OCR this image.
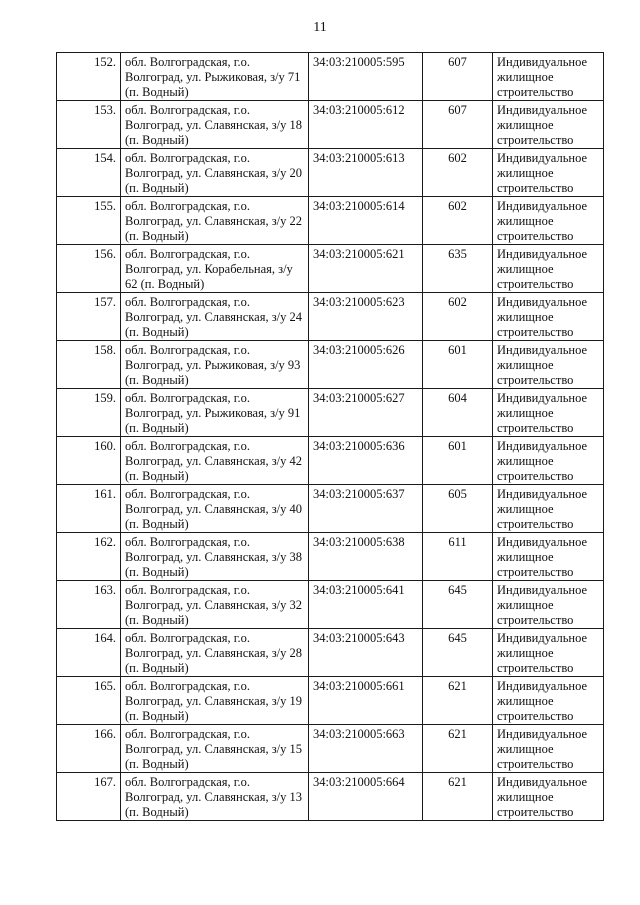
11
152.	обл. Волгоградская, г.о. Волгоград, ул. Рыжиковая, з/у 71 (п. Водный)	34:03:210005:595	607	Индивидуальное жилищное строительство
153.	обл. Волгоградская, г.о. Волгоград, ул. Славянская, з/у 18 (п. Водный)	34:03:210005:612	607	Индивидуальное жилищное строительство
154.	обл. Волгоградская, г.о. Волгоград, ул. Славянская, з/у 20 (п. Водный)	34:03:210005:613	602	Индивидуальное жилищное строительство
155.	обл. Волгоградская, г.о. Волгоград, ул. Славянская, з/у 22 (п. Водный)	34:03:210005:614	602	Индивидуальное жилищное строительство
156.	обл. Волгоградская, г.о. Волгоград, ул. Корабельная, з/у 62 (п. Водный)	34:03:210005:621	635	Индивидуальное жилищное строительство
157.	обл. Волгоградская, г.о. Волгоград, ул. Славянская, з/у 24 (п. Водный)	34:03:210005:623	602	Индивидуальное жилищное строительство
158.	обл. Волгоградская, г.о. Волгоград, ул. Рыжиковая, з/у 93 (п. Водный)	34:03:210005:626	601	Индивидуальное жилищное строительство
159.	обл. Волгоградская, г.о. Волгоград, ул. Рыжиковая, з/у 91 (п. Водный)	34:03:210005:627	604	Индивидуальное жилищное строительство
160.	обл. Волгоградская, г.о. Волгоград, ул. Славянская, з/у 42 (п. Водный)	34:03:210005:636	601	Индивидуальное жилищное строительство
161.	обл. Волгоградская, г.о. Волгоград, ул. Славянская, з/у 40 (п. Водный)	34:03:210005:637	605	Индивидуальное жилищное строительство
162.	обл. Волгоградская, г.о. Волгоград, ул. Славянская, з/у 38 (п. Водный)	34:03:210005:638	611	Индивидуальное жилищное строительство
163.	обл. Волгоградская, г.о. Волгоград, ул. Славянская, з/у 32 (п. Водный)	34:03:210005:641	645	Индивидуальное жилищное строительство
164.	обл. Волгоградская, г.о. Волгоград, ул. Славянская, з/у 28 (п. Водный)	34:03:210005:643	645	Индивидуальное жилищное строительство
165.	обл. Волгоградская, г.о. Волгоград, ул. Славянская, з/у 19 (п. Водный)	34:03:210005:661	621	Индивидуальное жилищное строительство
166.	обл. Волгоградская, г.о. Волгоград, ул. Славянская, з/у 15 (п. Водный)	34:03:210005:663	621	Индивидуальное жилищное строительство
167.	обл. Волгоградская, г.о. Волгоград, ул. Славянская, з/у 13 (п. Водный)	34:03:210005:664	621	Индивидуальное жилищное строительство
